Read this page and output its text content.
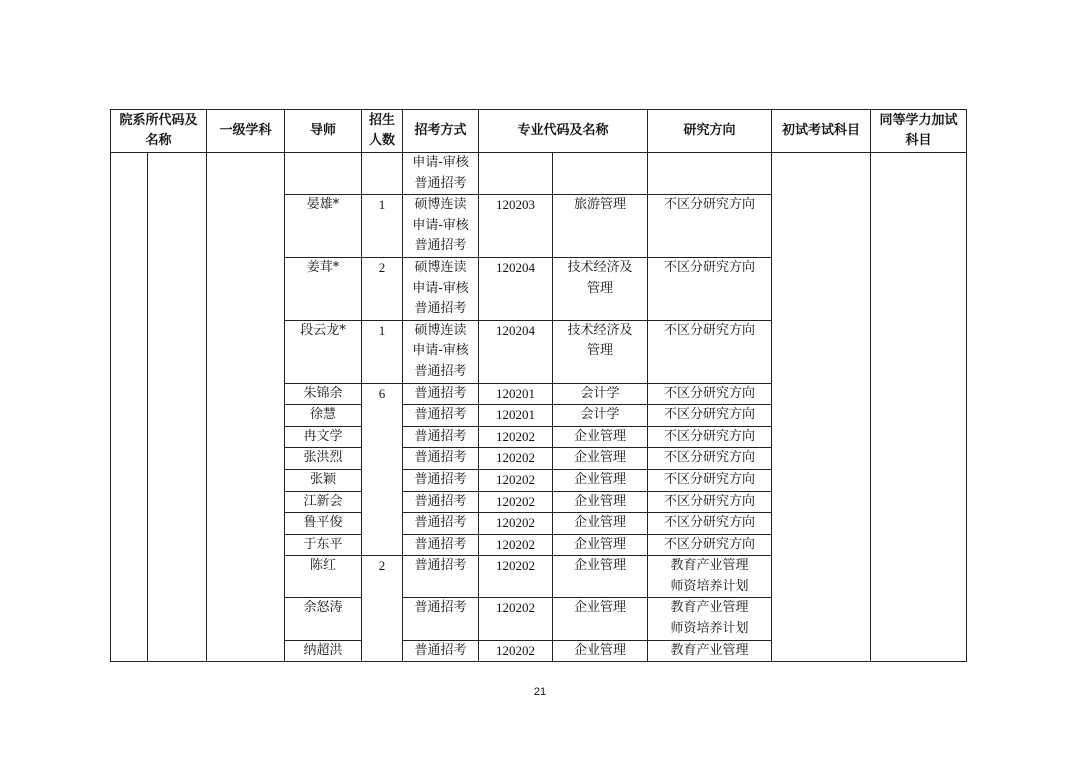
院系所代码及
名称		一级学科	导师	招生
人数	招考方式	专业代码及名称		研究方向	初试考试科目	同等学力加试
科目
					申请-审核
普通招考					
			晏雄*	1	硕博连读
申请-审核
普通招考	120203	旅游管理	不区分研究方向		
			姜茸*	2	硕博连读
申请-审核
普通招考	120204	技术经济及
管理	不区分研究方向		
			段云龙*	1	硕博连读
申请-审核
普通招考	120204	技术经济及
管理	不区分研究方向		
			朱锦余	6	普通招考	120201	会计学	不区分研究方向		
			徐慧		普通招考	120201	会计学	不区分研究方向		
			冉文学		普通招考	120202	企业管理	不区分研究方向		
			张洪烈		普通招考	120202	企业管理	不区分研究方向		
			张颖		普通招考	120202	企业管理	不区分研究方向		
			江新会		普通招考	120202	企业管理	不区分研究方向		
			鲁平俊		普通招考	120202	企业管理	不区分研究方向		
			于东平		普通招考	120202	企业管理	不区分研究方向		
			陈红	2	普通招考	120202	企业管理	教育产业管理
师资培养计划		
			余怒涛		普通招考	120202	企业管理	教育产业管理
师资培养计划		
			纳超洪		普通招考	120202	企业管理	教育产业管理		
21
